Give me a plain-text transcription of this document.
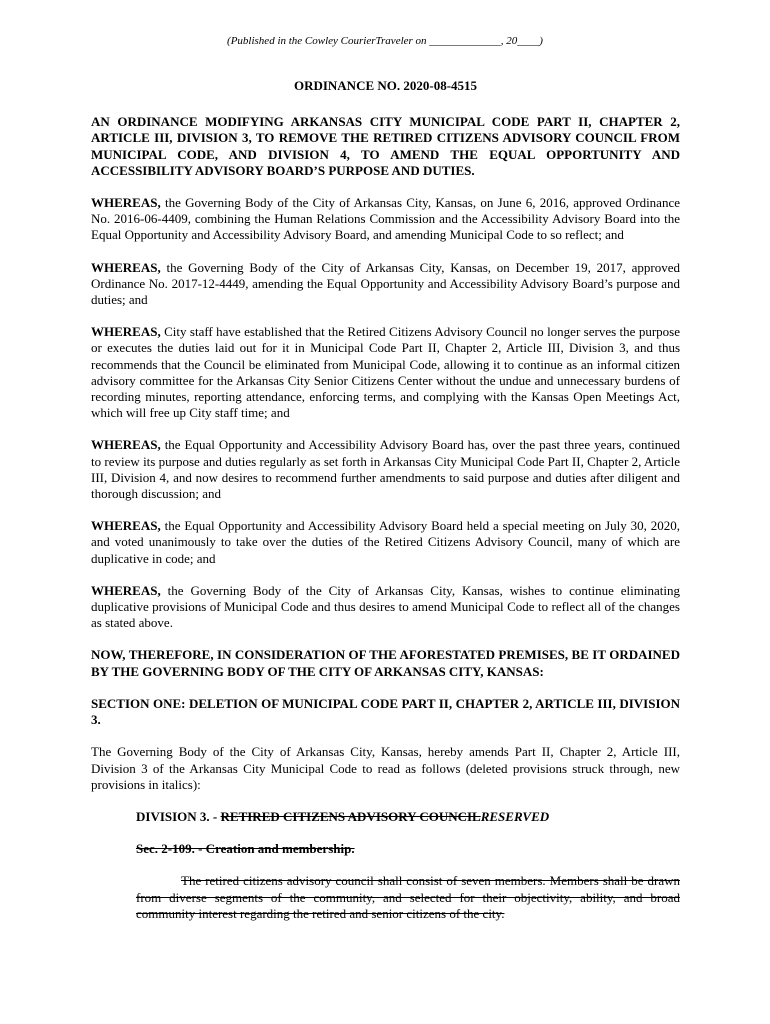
(Published in the Cowley CourierTraveler on _____________, 20____)
ORDINANCE NO. 2020-08-4515
AN ORDINANCE MODIFYING ARKANSAS CITY MUNICIPAL CODE PART II, CHAPTER 2, ARTICLE III, DIVISION 3, TO REMOVE THE RETIRED CITIZENS ADVISORY COUNCIL FROM MUNICIPAL CODE, AND DIVISION 4, TO AMEND THE EQUAL OPPORTUNITY AND ACCESSIBILITY ADVISORY BOARD’S PURPOSE AND DUTIES.
WHEREAS, the Governing Body of the City of Arkansas City, Kansas, on June 6, 2016, approved Ordinance No. 2016-06-4409, combining the Human Relations Commission and the Accessibility Advisory Board into the Equal Opportunity and Accessibility Advisory Board, and amending Municipal Code to so reflect; and
WHEREAS, the Governing Body of the City of Arkansas City, Kansas, on December 19, 2017, approved Ordinance No. 2017-12-4449, amending the Equal Opportunity and Accessibility Advisory Board’s purpose and duties; and
WHEREAS, City staff have established that the Retired Citizens Advisory Council no longer serves the purpose or executes the duties laid out for it in Municipal Code Part II, Chapter 2, Article III, Division 3, and thus recommends that the Council be eliminated from Municipal Code, allowing it to continue as an informal citizen advisory committee for the Arkansas City Senior Citizens Center without the undue and unnecessary burdens of recording minutes, reporting attendance, enforcing terms, and complying with the Kansas Open Meetings Act, which will free up City staff time; and
WHEREAS, the Equal Opportunity and Accessibility Advisory Board has, over the past three years, continued to review its purpose and duties regularly as set forth in Arkansas City Municipal Code Part II, Chapter 2, Article III, Division 4, and now desires to recommend further amendments to said purpose and duties after diligent and thorough discussion; and
WHEREAS, the Equal Opportunity and Accessibility Advisory Board held a special meeting on July 30, 2020, and voted unanimously to take over the duties of the Retired Citizens Advisory Council, many of which are duplicative in code; and
WHEREAS, the Governing Body of the City of Arkansas City, Kansas, wishes to continue eliminating duplicative provisions of Municipal Code and thus desires to amend Municipal Code to reflect all of the changes as stated above.
NOW, THEREFORE, IN CONSIDERATION OF THE AFORESTATED PREMISES, BE IT ORDAINED BY THE GOVERNING BODY OF THE CITY OF ARKANSAS CITY, KANSAS:
SECTION ONE: DELETION OF MUNICIPAL CODE PART II, CHAPTER 2, ARTICLE III, DIVISION 3.
The Governing Body of the City of Arkansas City, Kansas, hereby amends Part II, Chapter 2, Article III, Division 3 of the Arkansas City Municipal Code to read as follows (deleted provisions struck through, new provisions in italics):
DIVISION 3. - RETIRED CITIZENS ADVISORY COUNCILRESERVED
Sec. 2-109. - Creation and membership.
The retired citizens advisory council shall consist of seven members. Members shall be drawn from diverse segments of the community, and selected for their objectivity, ability, and broad community interest regarding the retired and senior citizens of the city.
